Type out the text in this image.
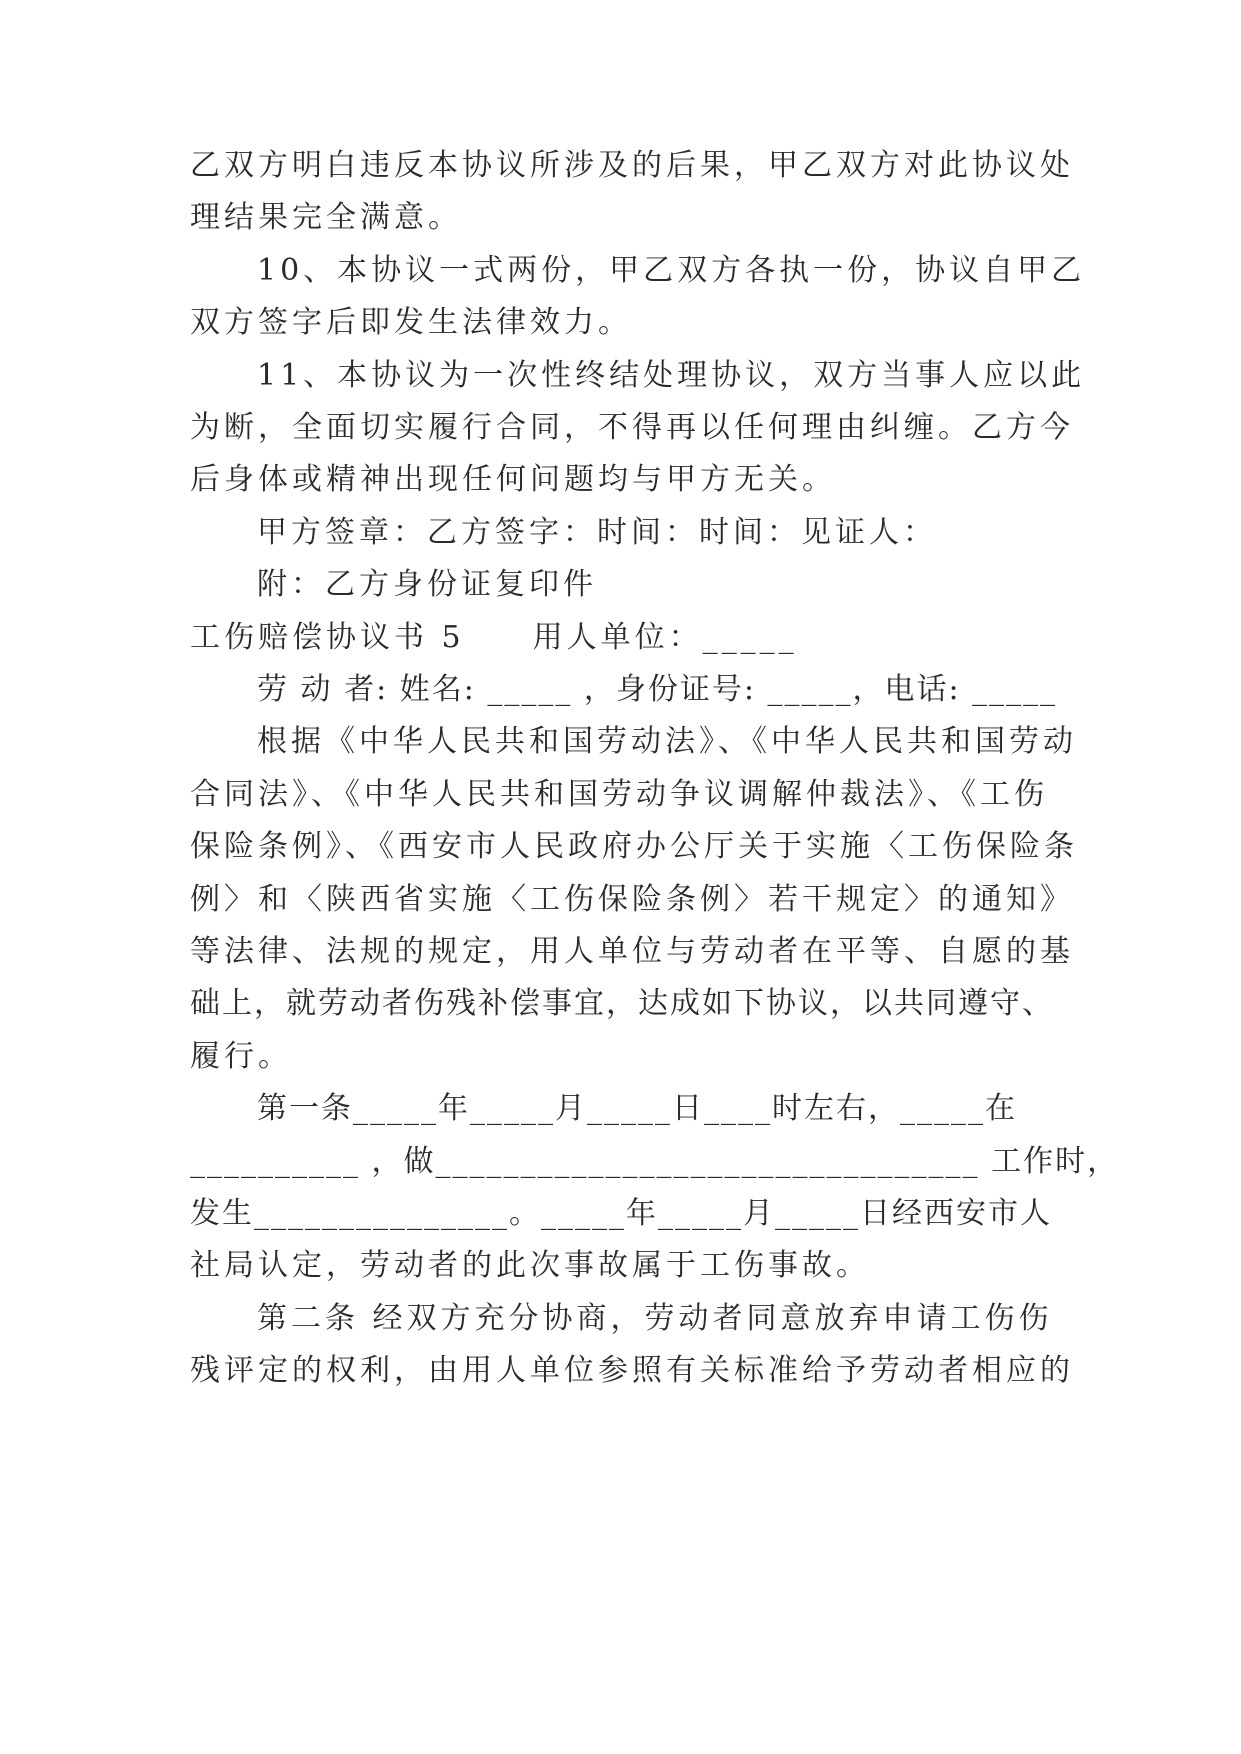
乙双方明白违反本协议所涉及的后果，甲乙双方对此协议处
理结果完全满意。
10、本协议一式两份，甲乙双方各执一份，协议自甲乙
双方签字后即发生法律效力。
11、本协议为一次性终结处理协议，双方当事人应以此
为断，全面切实履行合同，不得再以任何理由纠缠。乙方今
后身体或精神出现任何问题均与甲方无关。
甲方签章：乙方签字：时间：时间：见证人：
附：乙方身份证复印件
工伤赔偿协议书 5　　用人单位：_____
劳 动 者: 姓名: _____ ，身份证号: _____，电话: _____
根据《中华人民共和国劳动法》、《中华人民共和国劳动
合同法》、《中华人民共和国劳动争议调解仲裁法》、《工伤
保险条例》、《西安市人民政府办公厅关于实施〈工伤保险条
例〉和〈陕西省实施〈工伤保险条例〉若干规定〉的通知》
等法律、法规的规定，用人单位与劳动者在平等、自愿的基
础上，就劳动者伤残补偿事宜，达成如下协议，以共同遵守、
履行。
第一条_____年_____月_____日____时左右，_____在
__________ ，做________________________________ 工作时，
发生_______________。_____年_____月_____日经西安市人
社局认定，劳动者的此次事故属于工伤事故。
第二条 经双方充分协商，劳动者同意放弃申请工伤伤
残评定的权利，由用人单位参照有关标准给予劳动者相应的
